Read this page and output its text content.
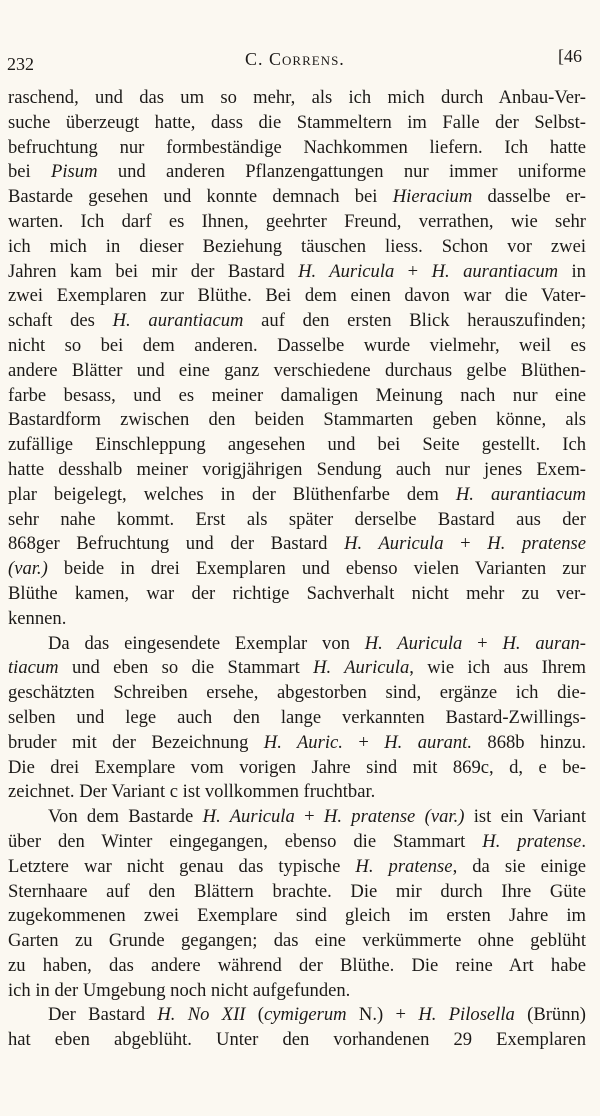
232	C. Correns.	[46
raschend, und das um so mehr, als ich mich durch Anbau-Ver-
suche überzeugt hatte, dass die Stammeltern im Falle der Selbst-
befruchtung nur formbeständige Nachkommen liefern. Ich hatte
bei Pisum und anderen Pflanzengattungen nur immer uniforme
Bastarde gesehen und konnte demnach bei Hieracium dasselbe er-
warten. Ich darf es Ihnen, geehrter Freund, verrathen, wie sehr
ich mich in dieser Beziehung täuschen liess. Schon vor zwei
Jahren kam bei mir der Bastard H. Auricula + H. aurantiacum in
zwei Exemplaren zur Blüthe. Bei dem einen davon war die Vater-
schaft des H. aurantiacum auf den ersten Blick herauszufinden;
nicht so bei dem anderen. Dasselbe wurde vielmehr, weil es
andere Blätter und eine ganz verschiedene durchaus gelbe Blüthen-
farbe besass, und es meiner damaligen Meinung nach nur eine
Bastardform zwischen den beiden Stammarten geben könne, als
zufällige Einschleppung angesehen und bei Seite gestellt. Ich
hatte desshalb meiner vorigjährigen Sendung auch nur jenes Exem-
plar beigelegt, welches in der Blüthenfarbe dem H. aurantiacum
sehr nahe kommt. Erst als später derselbe Bastard aus der
868ger Befruchtung und der Bastard H. Auricula + H. pratense
(var.) beide in drei Exemplaren und ebenso vielen Varianten zur
Blüthe kamen, war der richtige Sachverhalt nicht mehr zu ver-
kennen.
Da das eingesendete Exemplar von H. Auricula + H. auran-
tiacum und eben so die Stammart H. Auricula, wie ich aus Ihrem
geschätzten Schreiben ersehe, abgestorben sind, ergänze ich die-
selben und lege auch den lange verkannten Bastard-Zwillings-
bruder mit der Bezeichnung H. Auric. + H. aurant. 868b hinzu.
Die drei Exemplare vom vorigen Jahre sind mit 869c, d, e be-
zeichnet. Der Variant c ist vollkommen fruchtbar.
Von dem Bastarde H. Auricula + H. pratense (var.) ist ein Variant
über den Winter eingegangen, ebenso die Stammart H. pratense.
Letztere war nicht genau das typische H. pratense, da sie einige
Sternhaare auf den Blättern brachte. Die mir durch Ihre Güte
zugekommenen zwei Exemplare sind gleich im ersten Jahre im
Garten zu Grunde gegangen; das eine verkümmerte ohne geblüht
zu haben, das andere während der Blüthe. Die reine Art habe
ich in der Umgebung noch nicht aufgefunden.
Der Bastard H. No XII (cymigerum N.) + H. Pilosella (Brünn)
hat eben abgeblüht. Unter den vorhandenen 29 Exemplaren
